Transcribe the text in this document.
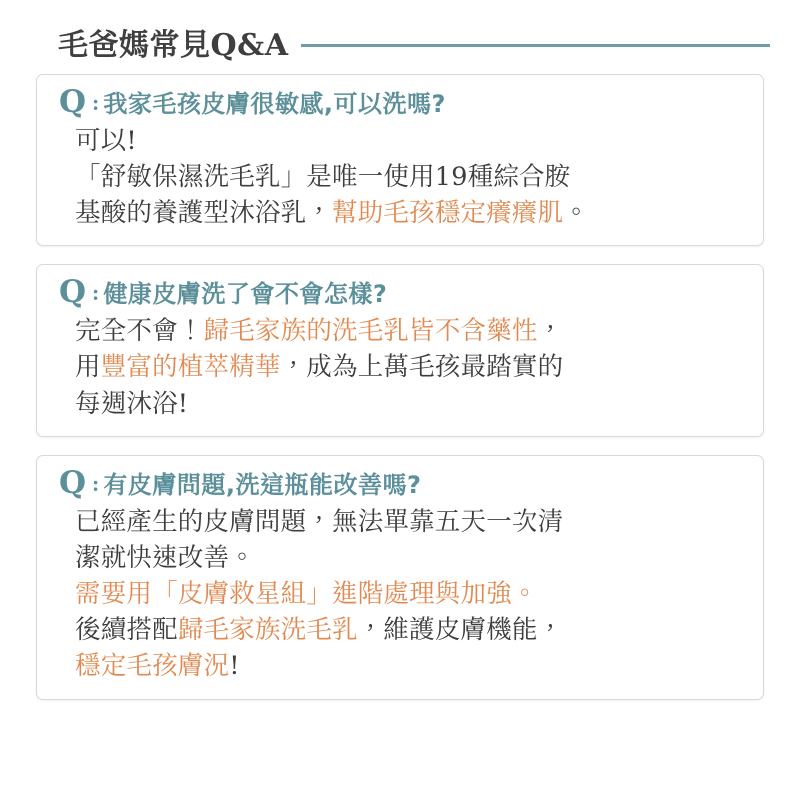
毛爸媽常見Q&A
Q : 我家毛孩皮膚很敏感,可以洗嗎?

可以!

「舒敏保濕洗毛乳」是唯一使用19種綜合胺

基酸的養護型沐浴乳，幫助毛孩穩定癢癢肌。

Q : 健康皮膚洗了會不會怎樣?

完全不會！歸毛家族的洗毛乳皆不含藥性，

用豐富的植萃精華，成為上萬毛孩最踏實的

每週沐浴!

Q : 有皮膚問題,洗這瓶能改善嗎?

已經產生的皮膚問題，無法單靠五天一次清

潔就快速改善。

需要用「皮膚救星組」進階處理與加強。

後續搭配歸毛家族洗毛乳，維護皮膚機能，

穩定毛孩膚況!
